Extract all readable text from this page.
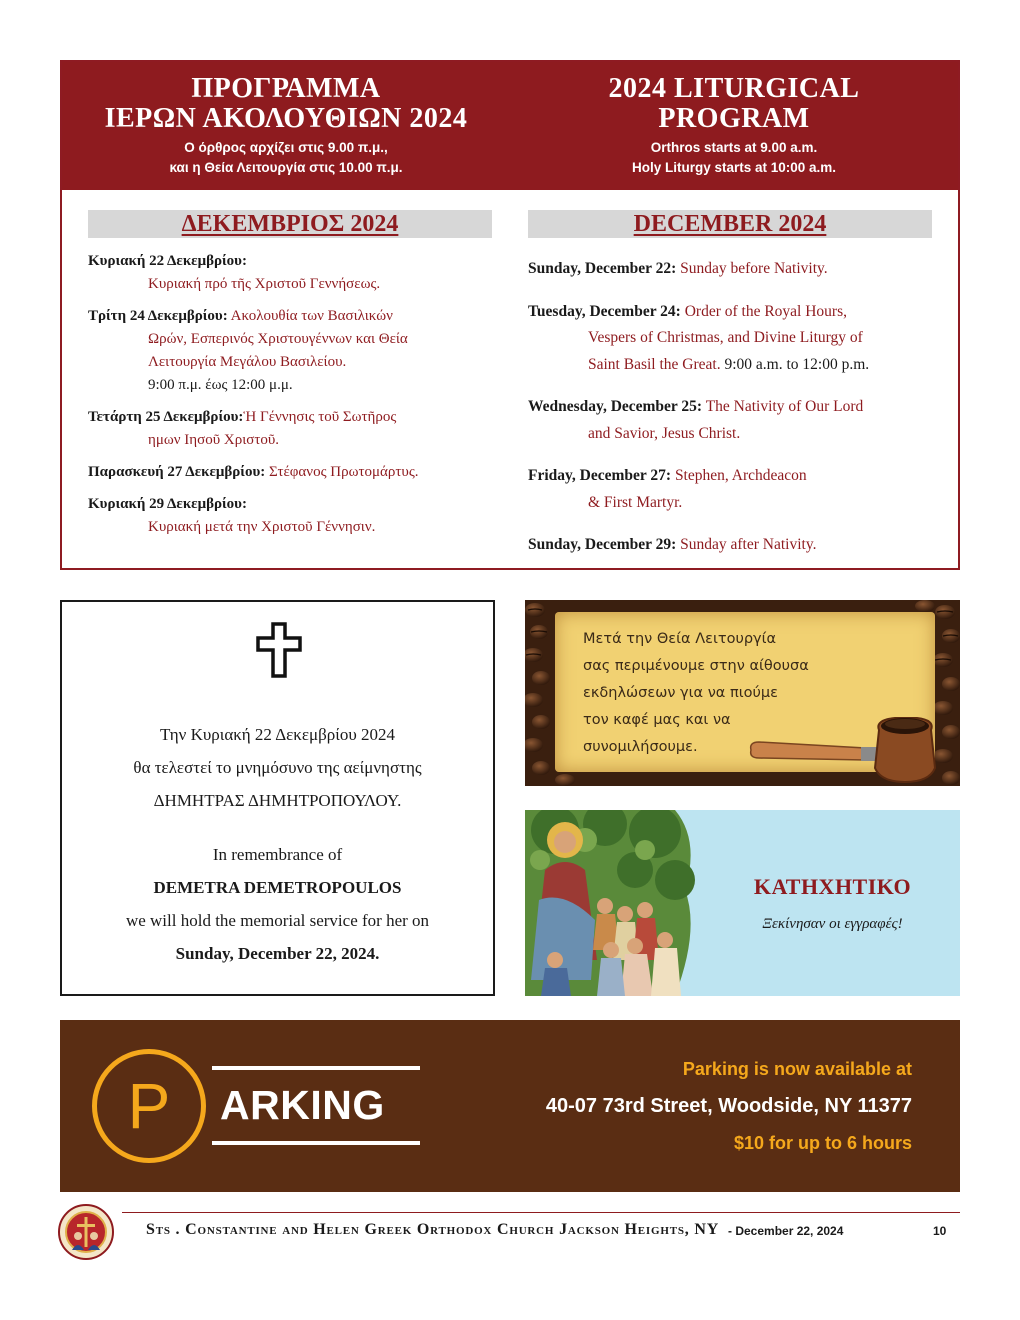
ΠΡΟΓΡΑΜΜΑ
ΙΕΡΩΝ ΑΚΟΛΟΥΘΙΩΝ 2024
Ο όρθρος αρχίζει στις 9.00 π.μ.,
και η Θεία Λειτουργία στις 10.00 π.μ.
2024 LITURGICAL
PROGRAM
Orthros starts at 9.00 a.m.
Holy Liturgy starts at 10:00 a.m.
ΔΕΚΕΜΒΡΙΟΣ 2024
Κυριακή 22 Δεκεμβρίου:
Κυριακή πρό τῆς Χριστοῦ Γεννήσεως.
Τρίτη 24 Δεκεμβρίου: Ακολουθία των Βασιλικών
Ωρών, Εσπερινός Χριστουγέννων και Θεία
Λειτουργία Μεγάλου Βασιλείου.
9:00 π.μ. έως 12:00 μ.μ.
Τετάρτη 25 Δεκεμβρίου:Ἡ Γέννησις τοῦ Σωτῆρος
ημων Ιησοῦ Χριστοῦ.
Παρασκευή 27 Δεκεμβρίου: Στέφανος Πρωτομάρτυς.
Κυριακή 29 Δεκεμβρίου:
Κυριακή μετά την Χριστοῦ Γέννησιν.
DECEMBER 2024
Sunday, December 22: Sunday before Nativity.
Tuesday, December 24: Order of the Royal Hours,
Vespers of Christmas, and Divine Liturgy of
Saint Basil the Great. 9:00 a.m. to 12:00 p.m.
Wednesday, December 25: The Nativity of Our Lord
and Savior, Jesus Christ.
Friday, December 27: Stephen, Archdeacon
& First Martyr.
Sunday, December 29: Sunday after Nativity.
Την Κυριακή 22 Δεκεμβρίου 2024
θα τελεστεί το μνημόσυνο της αείμνηστης
ΔΗΜΗΤΡΑΣ ΔΗΜΗΤΡΟΠΟΥΛΟΥ.
In remembrance of
DEMETRA DEMETROPOULOS
we will hold the memorial service for her on
Sunday, December 22, 2024.
Μετά την Θεία Λειτουργία
σας περιμένουμε στην αίθουσα
εκδηλώσεων για να πιούμε
τον καφέ μας και να
συνομιλήσουμε.
ΚΑΤΗΧΗΤΙΚΟ
Ξεκίνησαν οι εγγραφές!
P	ARKING
Parking is now available at
40-07 73rd Street, Woodside, NY 11377
$10 for up to 6 hours
Sts . Constantine and Helen Greek Orthodox Church Jackson Heights, NY - December 22, 2024	10
